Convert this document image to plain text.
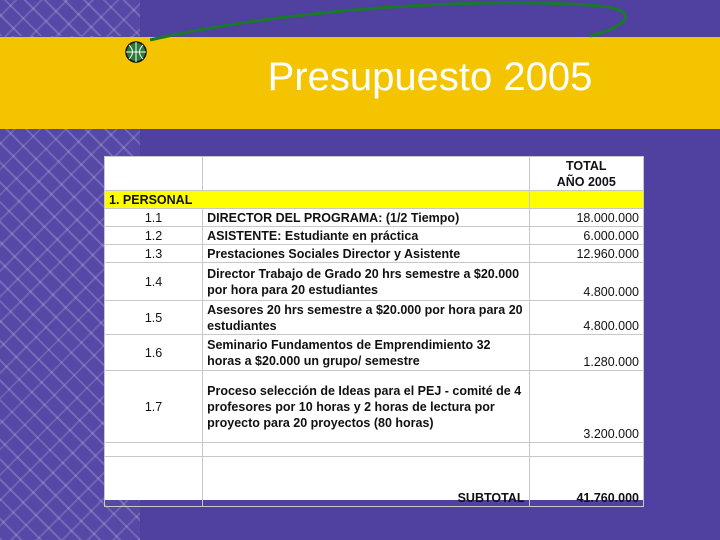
Presupuesto 2005
		TOTAL
AÑO 2005
1. PERSONAL		
1.1	DIRECTOR DEL PROGRAMA: (1/2 Tiempo)	18.000.000
1.2	ASISTENTE: Estudiante en práctica	6.000.000
1.3	Prestaciones Sociales Director y Asistente	12.960.000
1.4	Director Trabajo de Grado 20 hrs semestre a $20.000 por hora para 20 estudiantes	4.800.000
1.5	Asesores 20 hrs semestre a $20.000 por hora para 20 estudiantes	4.800.000
1.6	Seminario Fundamentos de Emprendimiento 32 horas a $20.000 un grupo/ semestre	1.280.000
1.7	Proceso selección de Ideas para el PEJ - comité de 4 profesores por 10 horas y 2 horas de lectura por proyecto para 20 proyectos (80 horas)	3.200.000

	SUBTOTAL	41.760.000
